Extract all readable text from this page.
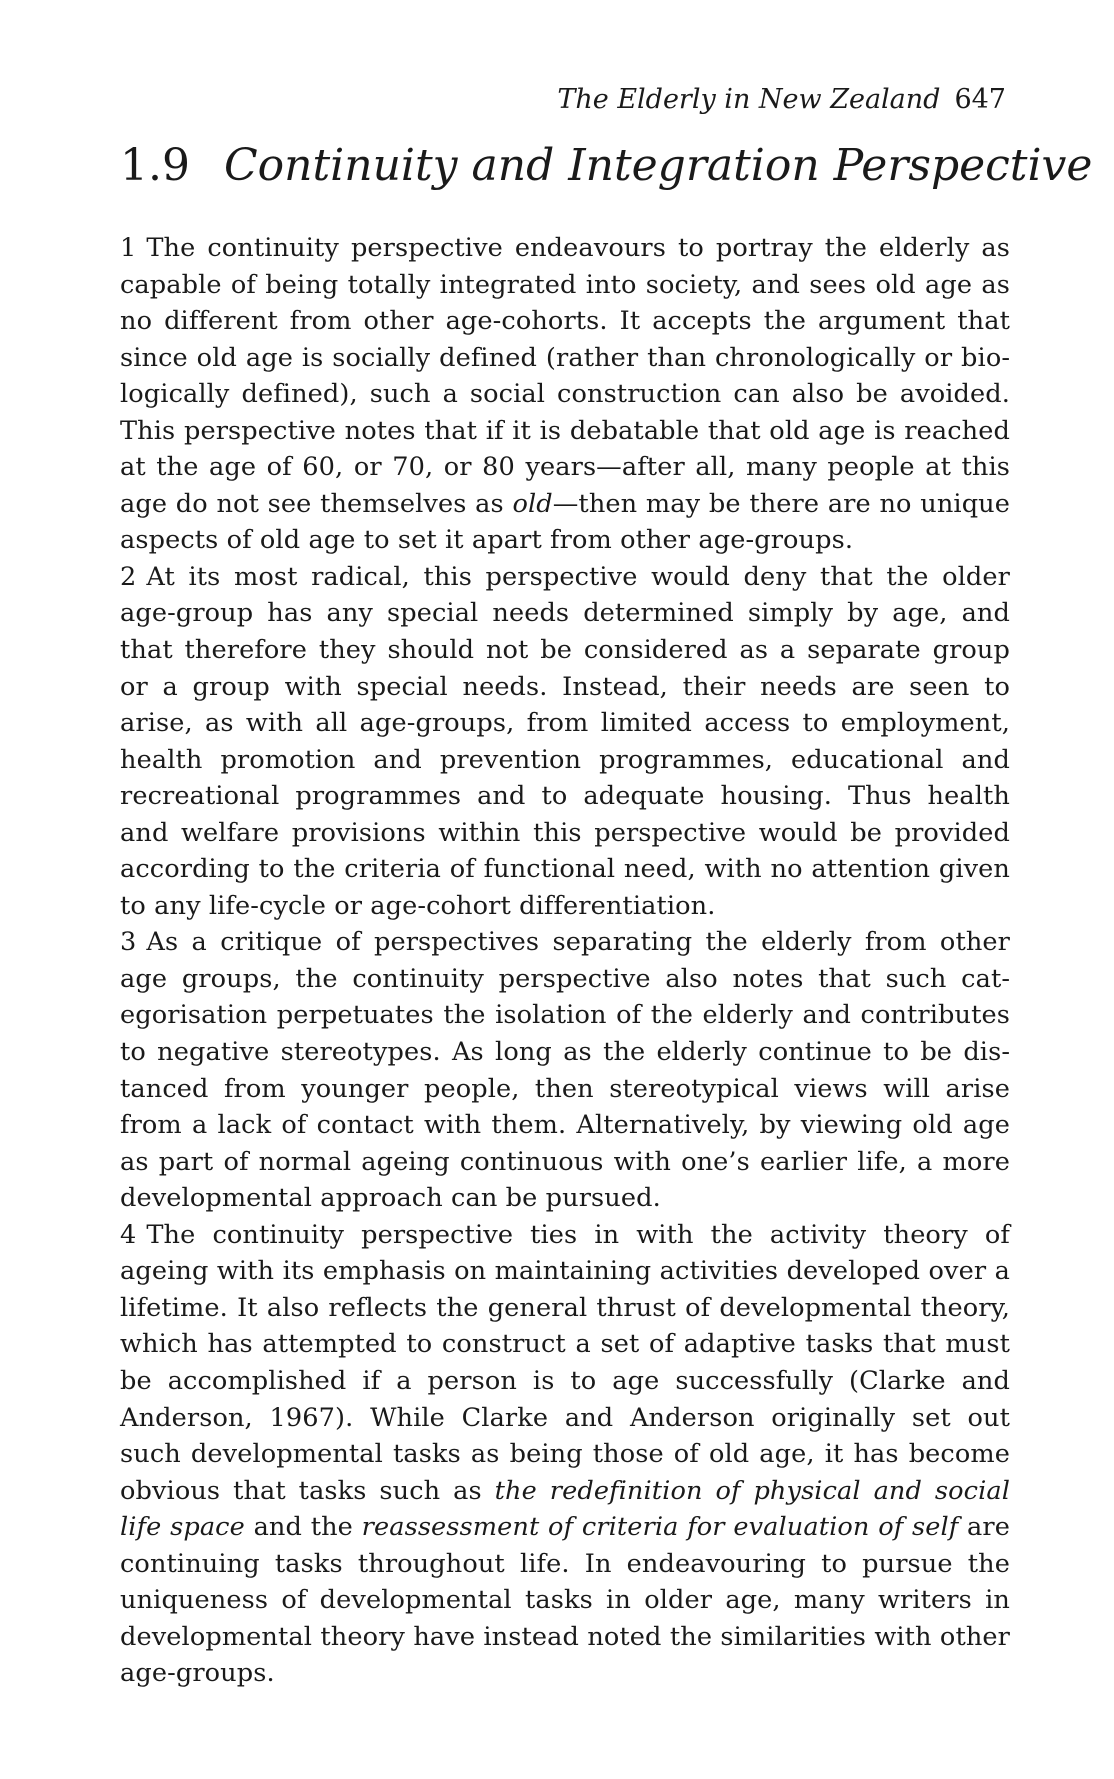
The Elderly in New Zealand 647
1.9 Continuity and Integration Perspective

1 The continuity perspective endeavours to portray the elderly as capable of being totally integrated into society, and sees old age as no different from other age-cohorts. It accepts the argument that since old age is socially defined (rather than chronologically or biologically defined), such a social construction can also be avoided. This perspective notes that if it is debatable that old age is reached at the age of 60, or 70, or 80 years—after all, many people at this age do not see themselves as old—then may be there are no unique aspects of old age to set it apart from other age-groups.

2 At its most radical, this perspective would deny that the older age-group has any special needs determined simply by age, and that therefore they should not be considered as a separate group or a group with special needs. Instead, their needs are seen to arise, as with all age-groups, from limited access to employment, health promotion and prevention programmes, educational and recreational programmes and to adequate housing. Thus health and welfare provisions within this perspective would be provided according to the criteria of functional need, with no attention given to any life-cycle or age-cohort differentiation.

3 As a critique of perspectives separating the elderly from other age groups, the continuity perspective also notes that such categorisation perpetuates the isolation of the elderly and contributes to negative stereotypes. As long as the elderly continue to be distanced from younger people, then stereotypical views will arise from a lack of contact with them. Alternatively, by viewing old age as part of normal ageing continuous with one’s earlier life, a more developmental approach can be pursued.

4 The continuity perspective ties in with the activity theory of ageing with its emphasis on maintaining activities developed over a lifetime. It also reflects the general thrust of developmental theory, which has attempted to construct a set of adaptive tasks that must be accomplished if a person is to age successfully (Clarke and Anderson, 1967). While Clarke and Anderson originally set out such developmental tasks as being those of old age, it has become obvious that tasks such as the redefinition of physical and social life space and the reassessment of criteria for evaluation of self are continuing tasks throughout life. In endeavouring to pursue the uniqueness of developmental tasks in older age, many writers in developmental theory have instead noted the similarities with other age-groups.
